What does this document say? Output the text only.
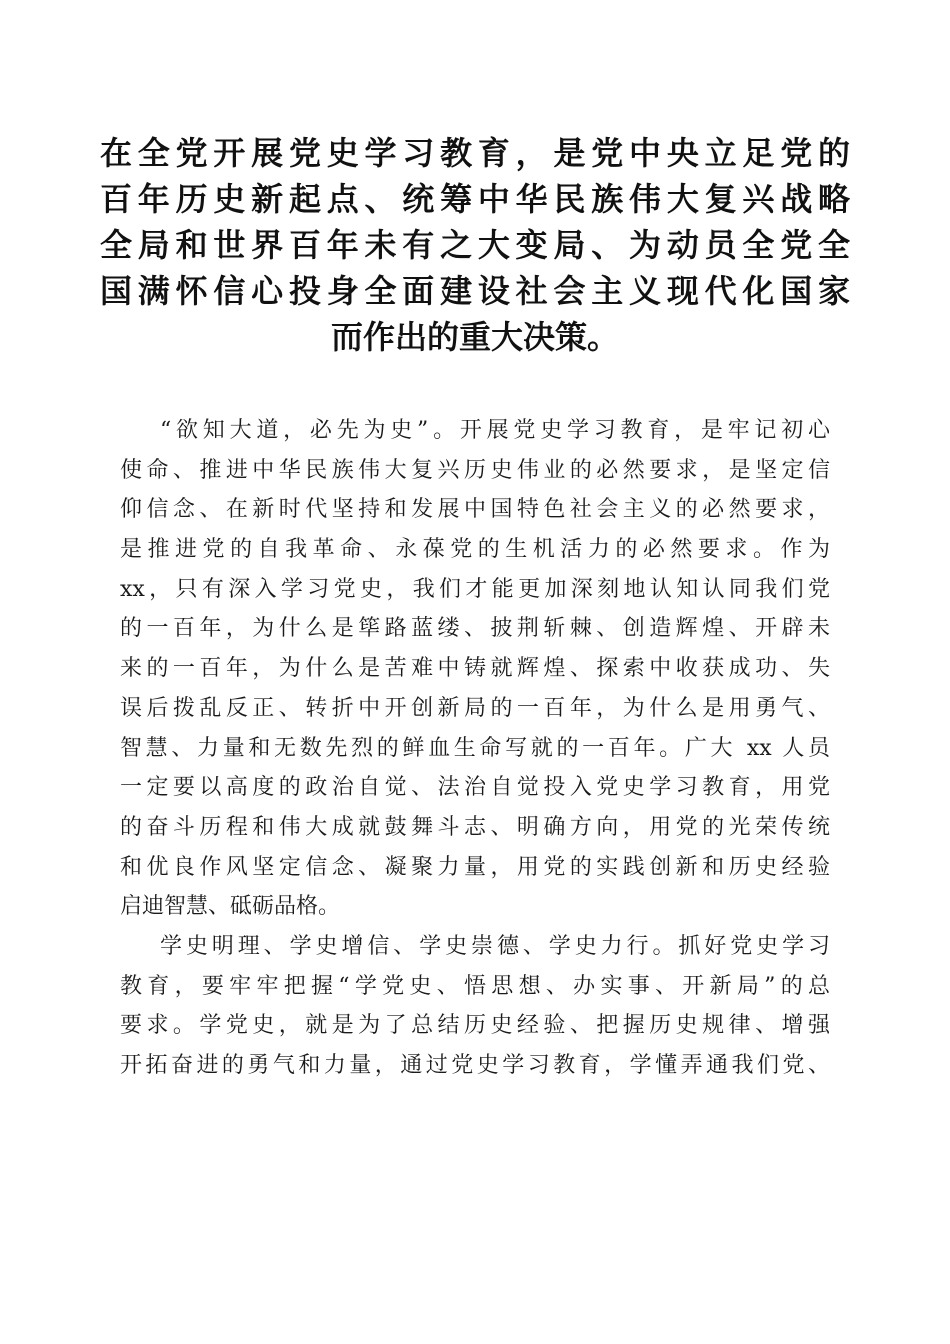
在全党开展党史学习教育，是党中央立足党的
百年历史新起点、统筹中华民族伟大复兴战略
全局和世界百年未有之大变局、为动员全党全
国满怀信心投身全面建设社会主义现代化国家
而作出的重大决策。
“欲知大道，必先为史”。开展党史学习教育，是牢记初心
使命、推进中华民族伟大复兴历史伟业的必然要求，是坚定信
仰信念、在新时代坚持和发展中国特色社会主义的必然要求，
是推进党的自我革命、永葆党的生机活力的必然要求。作为
xx，只有深入学习党史，我们才能更加深刻地认知认同我们党
的一百年，为什么是筚路蓝缕、披荆斩棘、创造辉煌、开辟未
来的一百年，为什么是苦难中铸就辉煌、探索中收获成功、失
误后拨乱反正、转折中开创新局的一百年，为什么是用勇气、
智慧、力量和无数先烈的鲜血生命写就的一百年。广大 xx 人员
一定要以高度的政治自觉、法治自觉投入党史学习教育，用党
的奋斗历程和伟大成就鼓舞斗志、明确方向，用党的光荣传统
和优良作风坚定信念、凝聚力量，用党的实践创新和历史经验
启迪智慧、砥砺品格。
学史明理、学史增信、学史崇德、学史力行。抓好党史学习
教育，要牢牢把握“学党史、悟思想、办实事、开新局”的总
要求。学党史，就是为了总结历史经验、把握历史规律、增强
开拓奋进的勇气和力量，通过党史学习教育，学懂弄通我们党、
